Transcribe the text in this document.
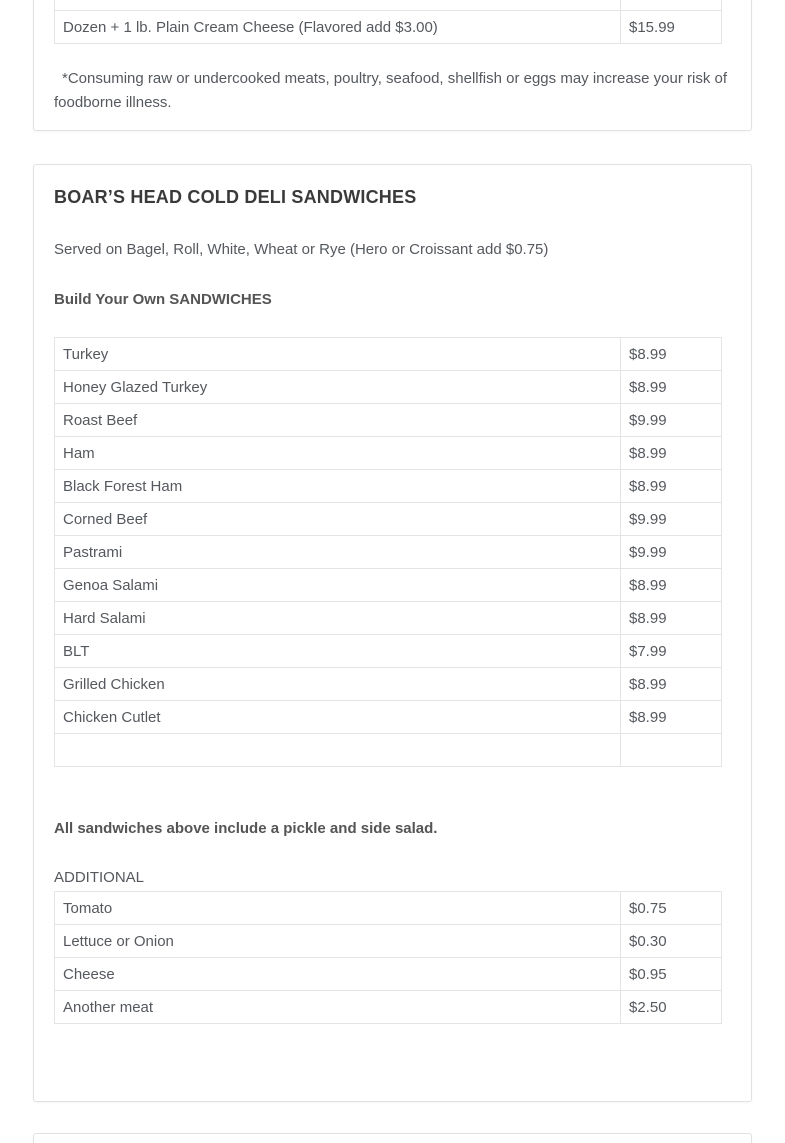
Dozen + 1 lb. Plain Cream Cheese (Flavored add $3.00)	$15.99

*Consuming raw or undercooked meats, poultry, seafood, shellfish or eggs may increase your risk of foodborne illness.

BOAR’S HEAD COLD DELI SANDWICHES

Served on Bagel, Roll, White, Wheat or Rye (Hero or Croissant add $0.75)

Build Your Own SANDWICHES

Turkey	$8.99
Honey Glazed Turkey	$8.99
Roast Beef	$9.99
Ham	$8.99
Black Forest Ham	$8.99
Corned Beef	$9.99
Pastrami	$9.99
Genoa Salami	$8.99
Hard Salami	$8.99
BLT	$7.99
Grilled Chicken	$8.99
Chicken Cutlet	$8.99

All sandwiches above include a pickle and side salad.

ADDITIONAL

Tomato	$0.75
Lettuce or Onion	$0.30
Cheese	$0.95
Another meat	$2.50
